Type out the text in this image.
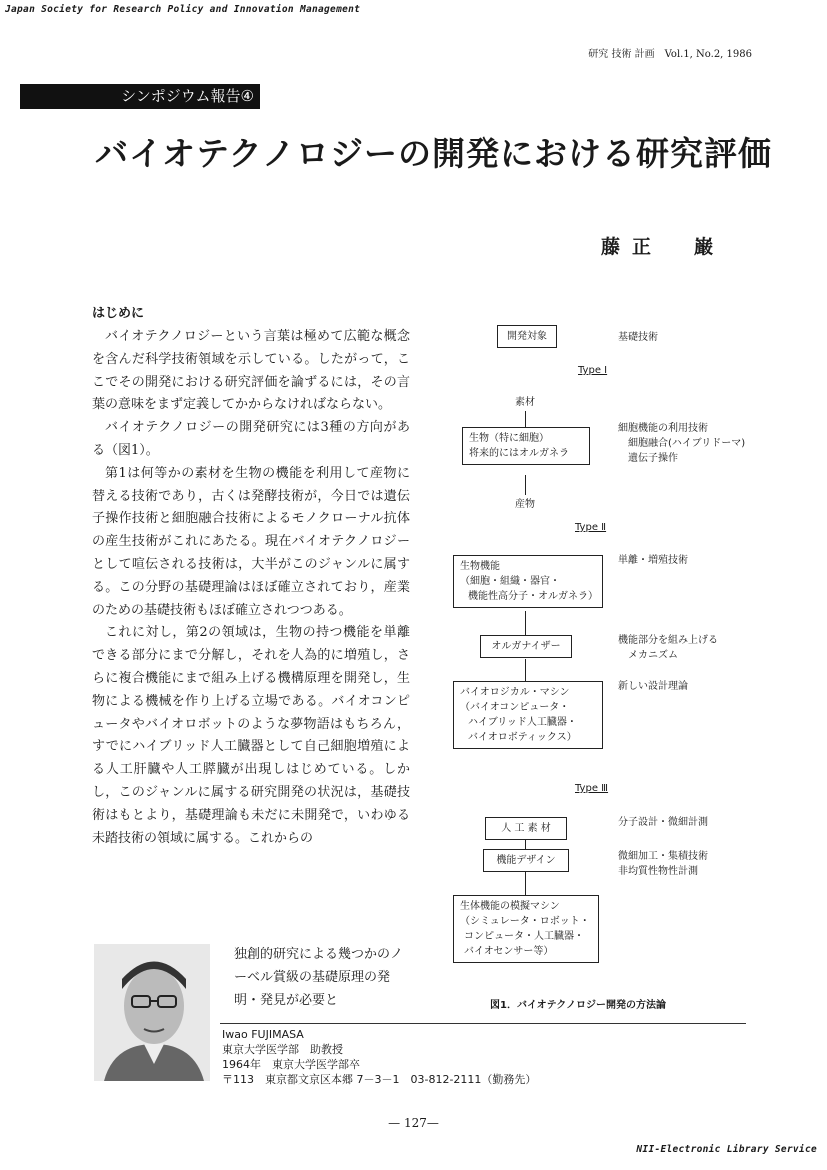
Japan Society for Research Policy and Innovation Management
研究 技術 計画　Vol.1, No.2, 1986
シンポジウム報告④
バイオテクノロジーの開発における研究評価
藤正　巌
はじめに

バイオテクノロジーという言葉は極めて広範な概念を含んだ科学技術領域を示している。したがって，ここでその開発における研究評価を論ずるには，その言葉の意味をまず定義してかからなければならない。

バイオテクノロジーの開発研究には3種の方向がある（図1）。

第1は何等かの素材を生物の機能を利用して産物に替える技術であり，古くは発酵技術が，今日では遺伝子操作技術と細胞融合技術によるモノクローナル抗体の産生技術がこれにあたる。現在バイオテクノロジーとして喧伝される技術は，大半がこのジャンルに属する。この分野の基礎理論はほぼ確立されており，産業のための基礎技術もほぼ確立されつつある。

これに対し，第2の領域は，生物の持つ機能を単離できる部分にまで分解し，それを人為的に増殖し，さらに複合機能にまで組み上げる機構原理を開発し，生物による機械を作り上げる立場である。バイオコンピュータやバイオロボットのような夢物語はもちろん，すでにハイブリッド人工臓器として自己細胞増殖による人工肝臓や人工膵臓が出現しはじめている。しかし，このジャンルに属する研究開発の状況は，基礎技術はもとより，基礎理論も未だに未開発で，いわゆる未踏技術の領域に属する。これからの

独創的研究による幾つかのノーベル賞級の基礎原理の発明・発見が必要と
Iwao FUJIMASA
東京大学医学部　助教授
1964年　東京大学医学部卒
〒113　東京都文京区本郷 7－3－1　03-812-2111（勤務先）
開発対象	基礎技術
Type Ⅰ
素材
生物（特に細胞）
将来的にはオルガネラ
細胞機能の利用技術
細胞融合(ハイブリドーマ)
遺伝子操作
産物
Type Ⅱ
生物機能
（細胞・組織・器官・
機能性高分子・オルガネラ）
単離・増殖技術
オルガナイザー
機能部分を組み上げる
メカニズム
新しい設計理論
バイオロジカル・マシン
（バイオコンピュータ・
ハイブリッド人工臓器・
バイオロボティックス）
Type Ⅲ
人 工 素 材
分子設計・微細計測
機能デザイン	微細加工・集積技術
非均質性物性計測
生体機能の模擬マシン
（シミュレータ・ロボット・
コンピュータ・人工臓器・
バイオセンサー等）
図1．バイオテクノロジー開発の方法論
— 127—
NII-Electronic Library Service
